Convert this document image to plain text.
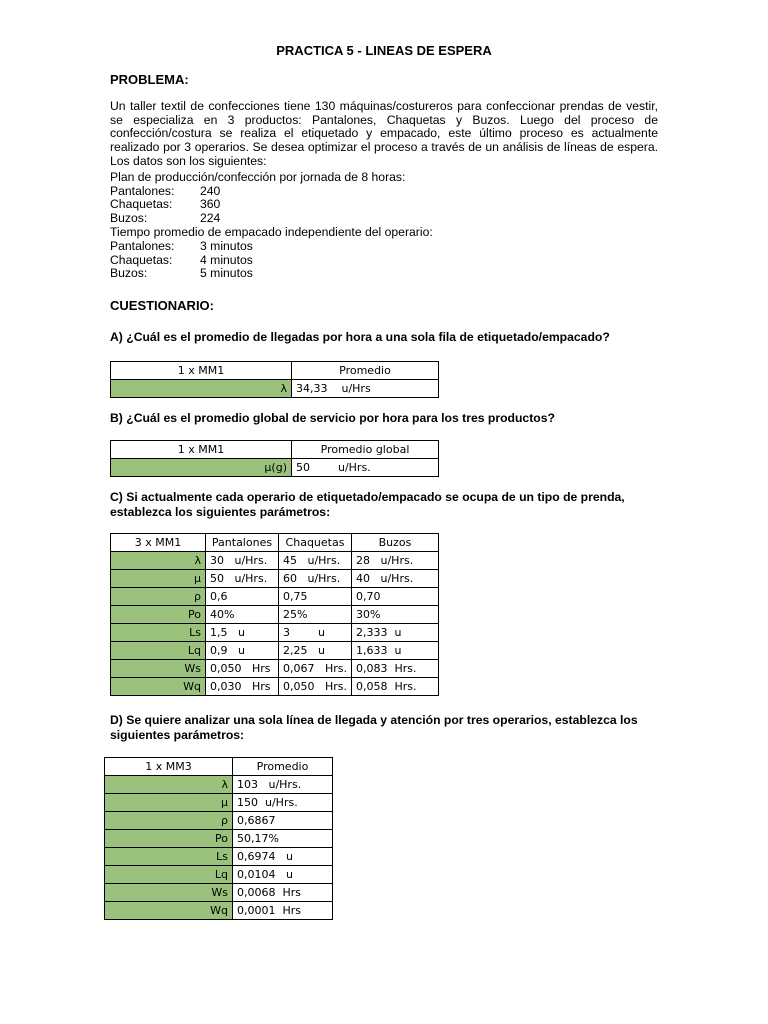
PRACTICA 5 - LINEAS DE ESPERA
PROBLEMA:
Un taller textil de confecciones tiene 130 máquinas/costureros para confeccionar prendas de vestir, se especializa en 3 productos: Pantalones, Chaquetas y Buzos. Luego del proceso de confección/costura se realiza el etiquetado y empacado, este último proceso es actualmente realizado por 3 operarios. Se desea optimizar el proceso a través de un análisis de líneas de espera. Los datos son los siguientes:
Plan de producción/confección por jornada de 8 horas:
Pantalones: 240
Chaquetas: 360
Buzos:	224
Tiempo promedio de empacado independiente del operario:
Pantalones: 3 minutos
Chaquetas: 4 minutos
Buzos:	5 minutos
CUESTIONARIO:
A) ¿Cuál es el promedio de llegadas por hora a una sola fila de etiquetado/empacado?
1 x MM1	Promedio
λ	34,33    u/Hrs
B) ¿Cuál es el promedio global de servicio por hora para los tres productos?
1 x MM1	Promedio global
μ(g)	50        u/Hrs.
C) Si actualmente cada operario de etiquetado/empacado se ocupa de un tipo de prenda, establezca los siguientes parámetros:
3 x MM1	Pantalones	Chaquetas	Buzos
λ	30   u/Hrs.	45   u/Hrs.	28   u/Hrs.
μ	50   u/Hrs.	60   u/Hrs.	40   u/Hrs.
ρ	0,6	0,75	0,70
Po	40%	25%	30%
Ls	1,5   u	3        u	2,333  u
Lq	0,9   u	2,25   u	1,633  u
Ws	0,050   Hrs	0,067   Hrs.	0,083  Hrs.
Wq	0,030   Hrs	0,050   Hrs.	0,058  Hrs.
D) Se quiere analizar una sola línea de llegada y atención por tres operarios, establezca los siguientes parámetros:
1 x MM3	Promedio
λ	103   u/Hrs.
μ	150  u/Hrs.
ρ	0,6867
Po	50,17%
Ls	0,6974   u
Lq	0,0104   u
Ws	0,0068  Hrs
Wq	0,0001  Hrs
